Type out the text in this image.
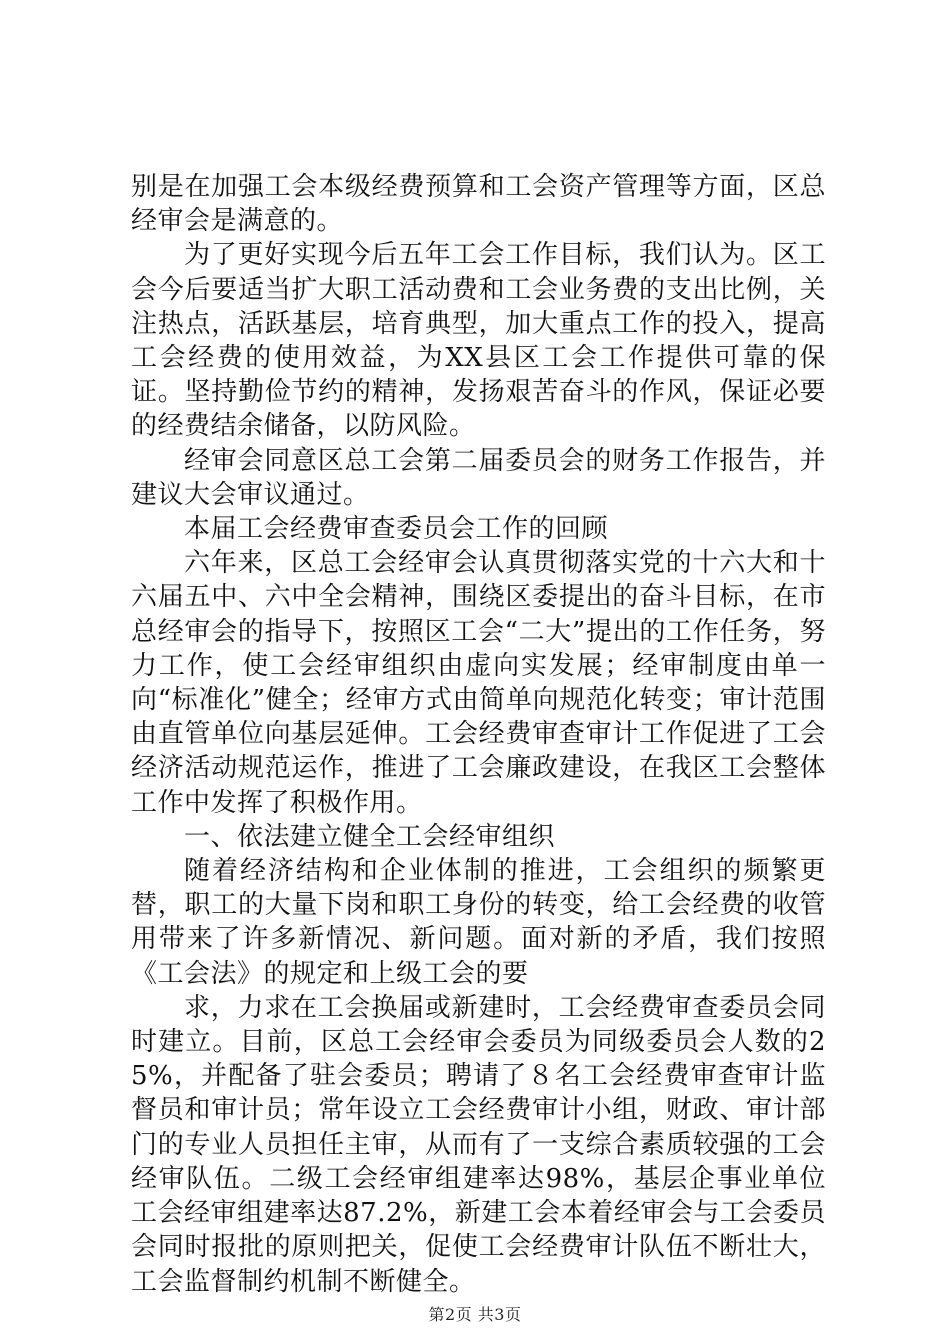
别是在加强工会本级经费预算和工会资产管理等方面，区总经审会是满意的。

为了更好实现今后五年工会工作目标，我们认为。区工会今后要适当扩大职工活动费和工会业务费的支出比例，关注热点，活跃基层，培育典型，加大重点工作的投入，提高工会经费的使用效益，为XX县区工会工作提供可靠的保证。坚持勤俭节约的精神，发扬艰苦奋斗的作风，保证必要的经费结余储备，以防风险。

经审会同意区总工会第二届委员会的财务工作报告，并建议大会审议通过。

本届工会经费审查委员会工作的回顾

六年来，区总工会经审会认真贯彻落实党的十六大和十六届五中、六中全会精神，围绕区委提出的奋斗目标，在市总经审会的指导下，按照区工会“二大”提出的工作任务，努力工作，使工会经审组织由虚向实发展；经审制度由单一向“标准化”健全；经审方式由简单向规范化转变；审计范围由直管单位向基层延伸。工会经费审查审计工作促进了工会经济活动规范运作，推进了工会廉政建设，在我区工会整体工作中发挥了积极作用。

一、依法建立健全工会经审组织

随着经济结构和企业体制的推进，工会组织的频繁更替，职工的大量下岗和职工身份的转变，给工会经费的收管用带来了许多新情况、新问题。面对新的矛盾，我们按照《工会法》的规定和上级工会的要

求，力求在工会换届或新建时，工会经费审查委员会同时建立。目前，区总工会经审会委员为同级委员会人数的25%，并配备了驻会委员；聘请了８名工会经费审查审计监督员和审计员；常年设立工会经费审计小组，财政、审计部门的专业人员担任主审，从而有了一支综合素质较强的工会经审队伍。二级工会经审组建率达98%，基层企事业单位工会经审组建率达87.2%，新建工会本着经审会与工会委员会同时报批的原则把关，促使工会经费审计队伍不断壮大，工会监督制约机制不断健全。

第2页 共3页
